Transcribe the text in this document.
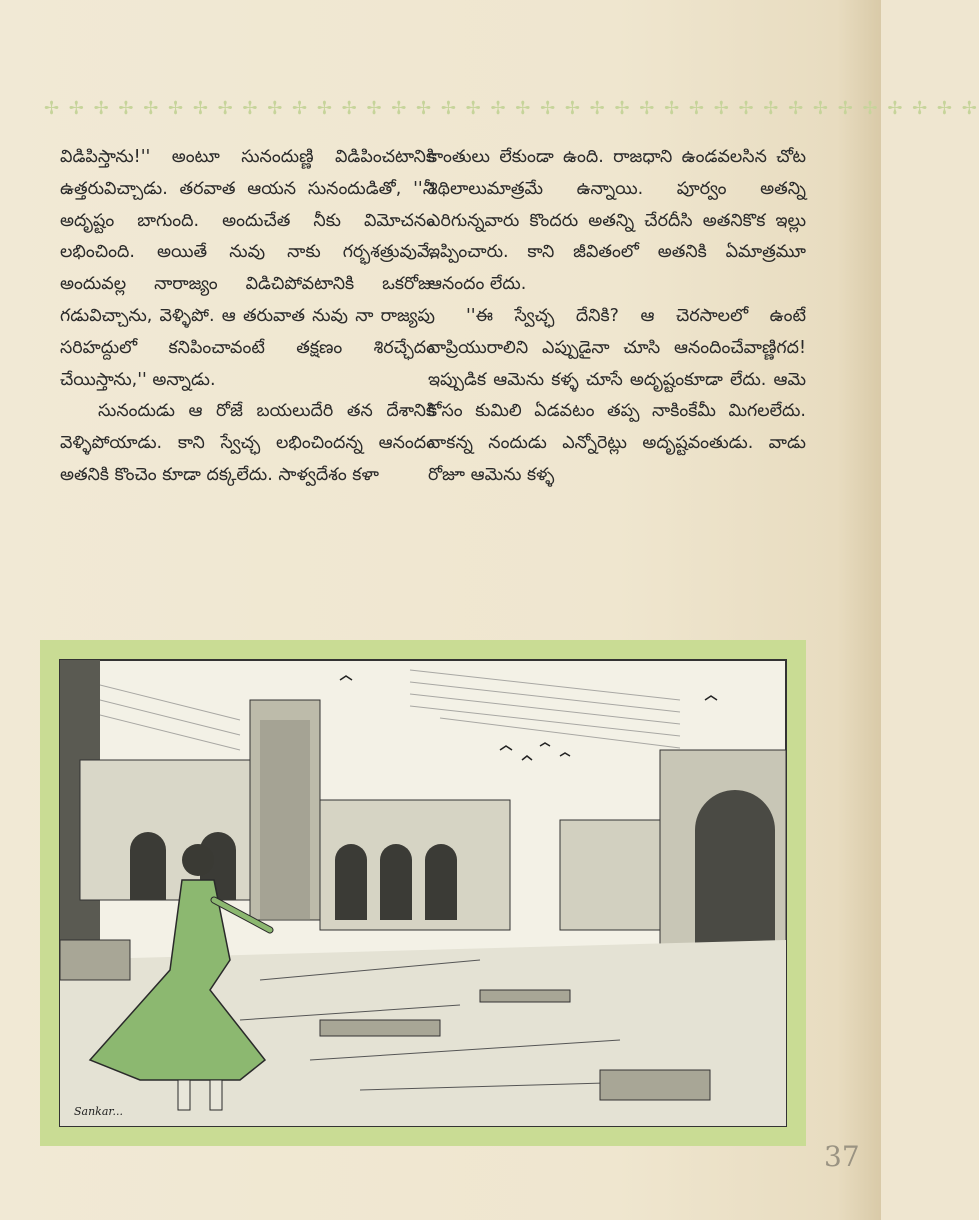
✢ ✢ ✢ ✢ ✢ ✢ ✢ ✢ ✢ ✢ ✢ ✢ ✢ ✢ ✢ ✢ ✢ ✢ ✢ ✢ ✢ ✢ ✢ ✢ ✢ ✢ ✢ ✢ ✢ ✢ ✢ ✢ ✢ ✢ ✢ ✢ ✢ ✢

విడిపిస్తాను!'' అంటూ సునందుణ్ణి విడిపించటానికి ఉత్తరువిచ్చాడు. తరవాత ఆయన సునందుడితో, ''నీ అదృష్టం బాగుంది. అందుచేత నీకు విమోచనం లభించింది. అయితే నువు నాకు గర్భశత్రువువే, అందువల్ల నారాజ్యం విడిచిపోవటానికి ఒకరోజు గడువిచ్చాను, వెళ్ళిపో. ఆ తరువాత నువు నా రాజ్యపు సరిహద్దులో కనిపించావంటే తక్షణం శిరచ్ఛేదం చేయిస్తాను,'' అన్నాడు.

సునందుడు ఆ రోజే బయలుదేరి తన దేశానికి వెళ్ళిపోయాడు. కాని స్వేచ్ఛ లభించిందన్న ఆనందం అతనికి కొంచెం కూడా దక్కలేదు. సాళ్వదేశం కళా

కాంతులు లేకుండా ఉంది. రాజధాని ఉండవలసిన చోట శిథిలాలుమాత్రమే ఉన్నాయి. పూర్వం అతన్ని ఎరిగున్నవారు కొందరు అతన్ని చేరదీసి అతనికొక ఇల్లు ఇప్పించారు. కాని జీవితంలో అతనికి ఏమాత్రమూ ఆనందం లేదు.

''ఈ స్వేచ్ఛ దేనికి? ఆ చెరసాలలో ఉంటే నాప్రియురాలిని ఎప్పుడైనా చూసి ఆనందించేవాణ్ణిగద! ఇప్పుడిక ఆమెను కళ్ళ చూసే అదృష్టంకూడా లేదు. ఆమె కోసం కుమిలి ఏడవటం తప్ప నాకింకేమీ మిగలలేదు. నాకన్న నందుడు ఎన్నోరెట్లు అదృష్టవంతుడు. వాడు రోజూ ఆమెను కళ్ళ

Sankar...
37
